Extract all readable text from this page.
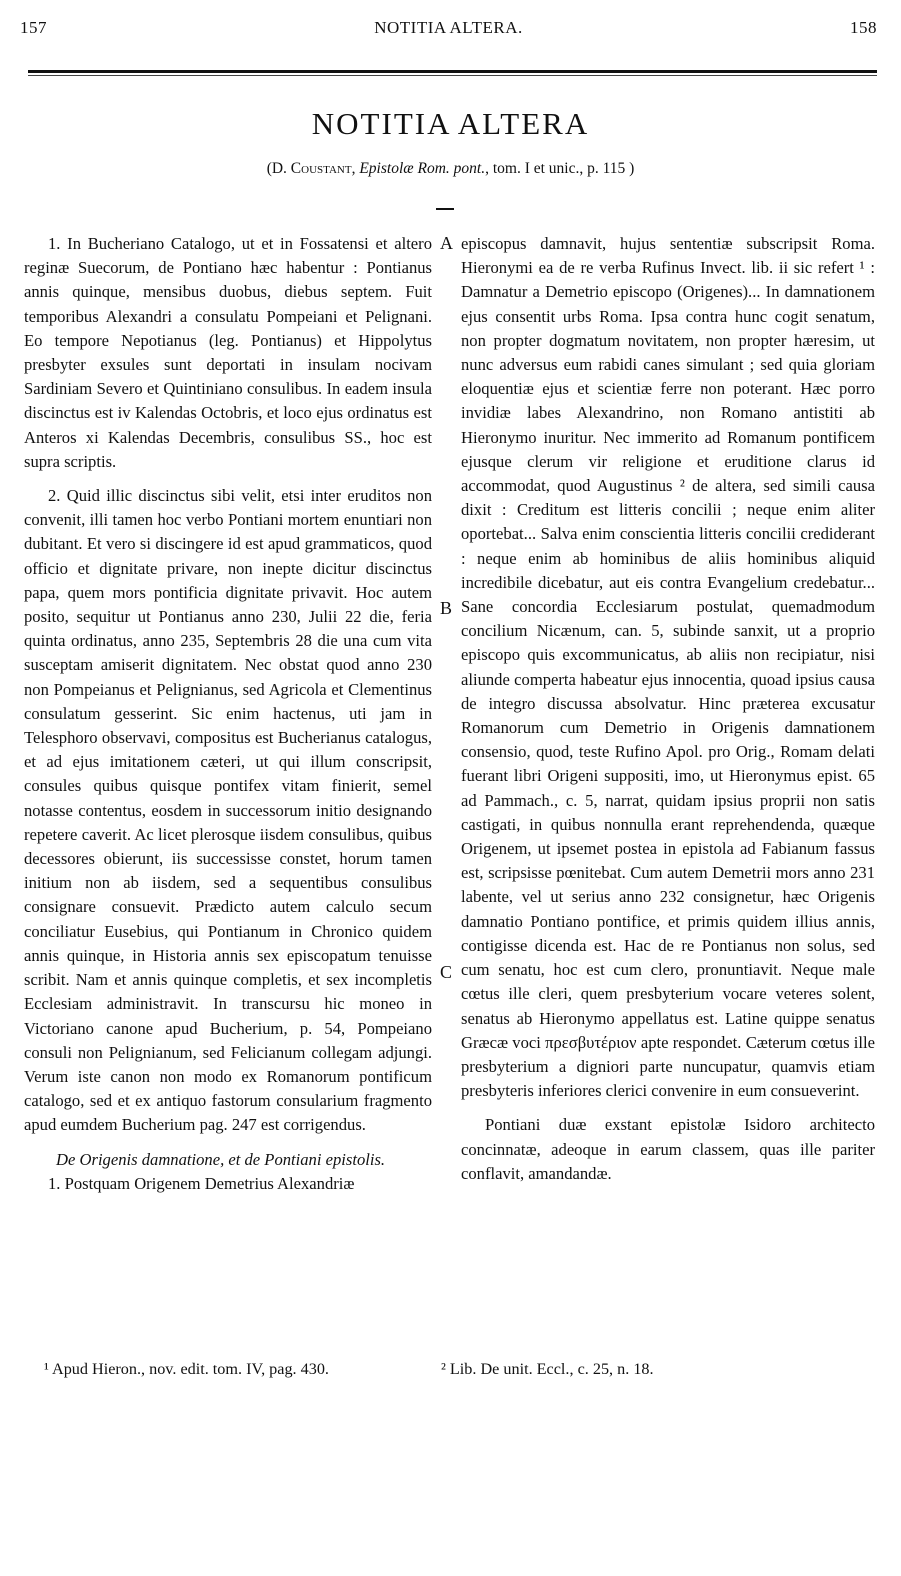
157	NOTITIA ALTERA.	158
NOTITIA ALTERA
(D. Coustant, Epistolæ Rom. pont., tom. I et unic., p. 115 )

1. In Bucheriano Catalogo, ut et in Fossatensi et altero reginæ Suecorum, de Pontiano hæc habentur : Pontianus annis quinque, mensibus duobus, diebus septem. Fuit temporibus Alexandri a consulatu Pompeiani et Pelignani. Eo tempore Nepotianus (leg. Pontianus) et Hippolytus presbyter exsules sunt deportati in insulam nocivam Sardiniam Severo et Quintiniano consulibus. In eadem insula discinctus est iv Kalendas Octobris, et loco ejus ordinatus est Anteros xi Kalendas Decembris, consulibus SS., hoc est supra scriptis.

2. Quid illic discinctus sibi velit, etsi inter eruditos non convenit, illi tamen hoc verbo Pontiani mortem enuntiari non dubitant. Et vero si discingere id est apud grammaticos, quod officio et dignitate privare, non inepte dicitur discinctus papa, quem mors pontificia dignitate privavit. Hoc autem posito, sequitur ut Pontianus anno 230, Julii 22 die, feria quinta ordinatus, anno 235, Septembris 28 die una cum vita susceptam amiserit dignitatem. Nec obstat quod anno 230 non Pompeianus et Pelignianus, sed Agricola et Clementinus consulatum gesserint. Sic enim hactenus, uti jam in Telesphoro observavi, compositus est Bucherianus catalogus, et ad ejus imitationem cæteri, ut qui illum conscripsit, consules quibus quisque pontifex vitam finierit, semel notasse contentus, eosdem in successorum initio designando repetere caverit. Ac licet plerosque iisdem consulibus, quibus decessores obierunt, iis successisse constet, horum tamen initium non ab iisdem, sed a sequentibus consulibus consignare consuevit. Prædicto autem calculo secum conciliatur Eusebius, qui Pontianum in Chronico quidem annis quinque, in Historia annis sex episcopatum tenuisse scribit. Nam et annis quinque completis, et sex incompletis Ecclesiam administravit. In transcursu hic moneo in Victoriano canone apud Bucherium, p. 54, Pompeiano consuli non Pelignianum, sed Felicianum collegam adjungi. Verum iste canon non modo ex Romanorum pontificum catalogo, sed et ex antiquo fastorum consularium fragmento apud eumdem Bucherium pag. 247 est corrigendus.

De Origenis damnatione, et de Pontiani epistolis.

1. Postquam Origenem Demetrius Alexandriæ

A
B
C

episcopus damnavit, hujus sententiæ subscripsit Roma. Hieronymi ea de re verba Rufinus Invect. lib. ii sic refert ¹ : Damnatur a Demetrio episcopo (Origenes)... In damnationem ejus consentit urbs Roma. Ipsa contra hunc cogit senatum, non propter dogmatum novitatem, non propter hæresim, ut nunc adversus eum rabidi canes simulant ; sed quia gloriam eloquentiæ ejus et scientiæ ferre non poterant. Hæc porro invidiæ labes Alexandrino, non Romano antistiti ab Hieronymo inuritur. Nec immerito ad Romanum pontificem ejusque clerum vir religione et eruditione clarus id accommodat, quod Augustinus ² de altera, sed simili causa dixit : Creditum est litteris concilii ; neque enim aliter oportebat... Salva enim conscientia litteris concilii crediderant : neque enim ab hominibus de aliis hominibus aliquid incredibile dicebatur, aut eis contra Evangelium credebatur... Sane concordia Ecclesiarum postulat, quemadmodum concilium Nicænum, can. 5, subinde sanxit, ut a proprio episcopo quis excommunicatus, ab aliis non recipiatur, nisi aliunde comperta habeatur ejus innocentia, quoad ipsius causa de integro discussa absolvatur. Hinc præterea excusatur Romanorum cum Demetrio in Origenis damnationem consensio, quod, teste Rufino Apol. pro Orig., Romam delati fuerant libri Origeni suppositi, imo, ut Hieronymus epist. 65 ad Pammach., c. 5, narrat, quidam ipsius proprii non satis castigati, in quibus nonnulla erant reprehendenda, quæque Origenem, ut ipsemet postea in epistola ad Fabianum fassus est, scripsisse pœnitebat. Cum autem Demetrii mors anno 231 labente, vel ut serius anno 232 consignetur, hæc Origenis damnatio Pontiano pontifice, et primis quidem illius annis, contigisse dicenda est. Hac de re Pontianus non solus, sed cum senatu, hoc est cum clero, pronuntiavit. Neque male cœtus ille cleri, quem presbyterium vocare veteres solent, senatus ab Hieronymo appellatus est. Latine quippe senatus Græcæ voci πρεσβυτέριον apte respondet. Cæterum cœtus ille presbyterium a digniori parte nuncupatur, quamvis etiam presbyteris inferiores clerici convenire in eum consueverint.

Pontiani duæ exstant epistolæ Isidoro architecto concinnatæ, adeoque in earum classem, quas ille pariter conflavit, amandandæ.

¹ Apud Hieron., nov. edit. tom. IV, pag. 430.	² Lib. De unit. Eccl., c. 25, n. 18.
